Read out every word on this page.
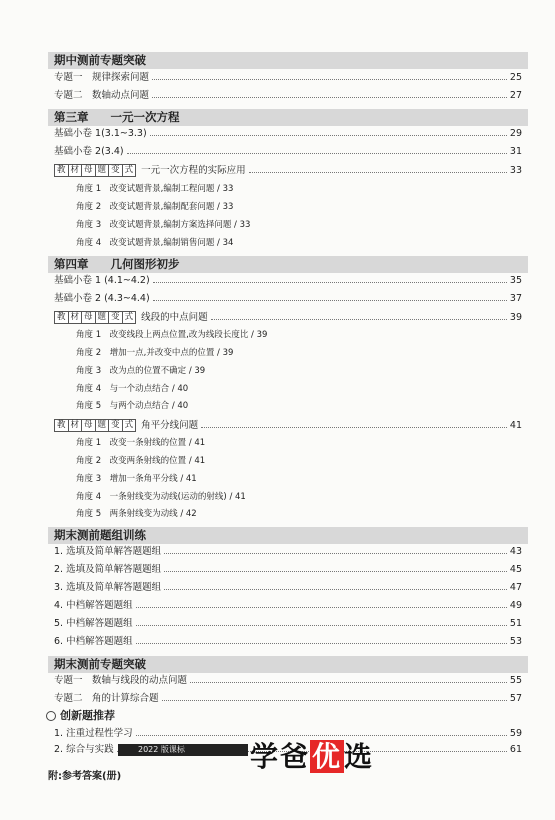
期中测前专题突破
专题一　规律探索问题	25
专题二　数轴动点问题	27
第三章 一元一次方程
基础小卷 1(3.1~3.3)	29
基础小卷 2(3.4)	31
教 材 母 题 变 式 一元一次方程的实际应用	33
角度 1　改变试题背景,编制工程问题 / 33
角度 2　改变试题背景,编制配套问题 / 33
角度 3　改变试题背景,编制方案选择问题 / 33
角度 4　改变试题背景,编制销售问题 / 34
第四章 几何图形初步
基础小卷 1 (4.1~4.2)	35
基础小卷 2 (4.3~4.4)	37
教 材 母 题 变 式 线段的中点问题	39
角度 1　改变线段上两点位置,改为线段长度比 / 39
角度 2　增加一点,并改变中点的位置 / 39
角度 3　改为点的位置不确定 / 39
角度 4　与一个动点结合 / 40
角度 5　与两个动点结合 / 40
教 材 母 题 变 式 角平分线问题	41
角度 1　改变一条射线的位置 / 41
角度 2　改变两条射线的位置 / 41
角度 3　增加一条角平分线 / 41
角度 4　一条射线变为动线(运动的射线) / 41
角度 5　两条射线变为动线 / 42
期末测前题组训练
1. 选填及简单解答题题组	43
2. 选填及简单解答题题组	45
3. 选填及简单解答题题组	47
4. 中档解答题题组	49
5. 中档解答题题组	51
6. 中档解答题题组	53
期末测前专题突破
专题一　数轴与线段的动点问题	55
专题二　角的计算综合题	57
创新题推荐
1. 注重过程性学习	59
2. 综合与实践	61
2022 版课标	学爸优选
附:参考答案(册)
